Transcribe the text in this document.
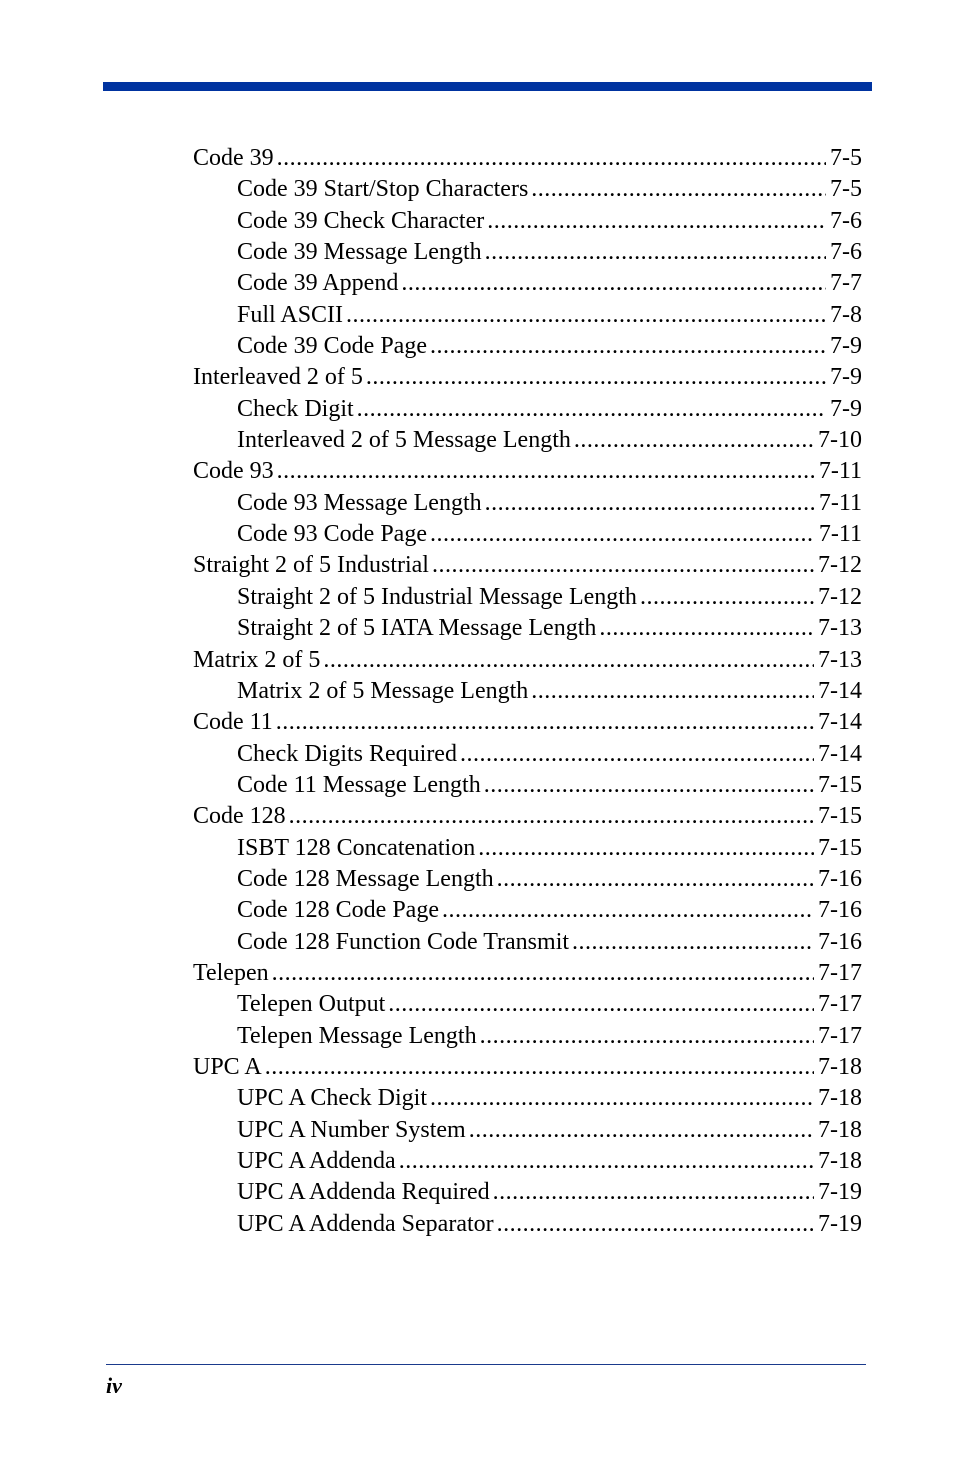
Code 39 .....	7-5
Code 39 Start/Stop Characters .....	7-5
Code 39 Check Character .....	7-6
Code 39 Message Length .....	7-6
Code 39 Append .....	7-7
Full ASCII .....	7-8
Code 39 Code Page .....	7-9
Interleaved 2 of 5 .....	7-9
Check Digit .....	7-9
Interleaved 2 of 5 Message Length .....	7-10
Code 93 .....	7-11
Code 93 Message Length .....	7-11
Code 93 Code Page .....	7-11
Straight 2 of 5 Industrial .....	7-12
Straight 2 of 5 Industrial Message Length .....	7-12
Straight 2 of 5 IATA Message Length .....	7-13
Matrix 2 of 5 .....	7-13
Matrix 2 of 5 Message Length .....	7-14
Code 11 .....	7-14
Check Digits Required .....	7-14
Code 11 Message Length .....	7-15
Code 128 .....	7-15
ISBT 128 Concatenation .....	7-15
Code 128 Message Length .....	7-16
Code 128 Code Page .....	7-16
Code 128 Function Code Transmit .....	7-16
Telepen .....	7-17
Telepen Output .....	7-17
Telepen Message Length .....	7-17
UPC A .....	7-18
UPC A Check Digit .....	7-18
UPC A Number System .....	7-18
UPC A Addenda .....	7-18
UPC A Addenda Required .....	7-19
UPC A Addenda Separator .....	7-19
iv
